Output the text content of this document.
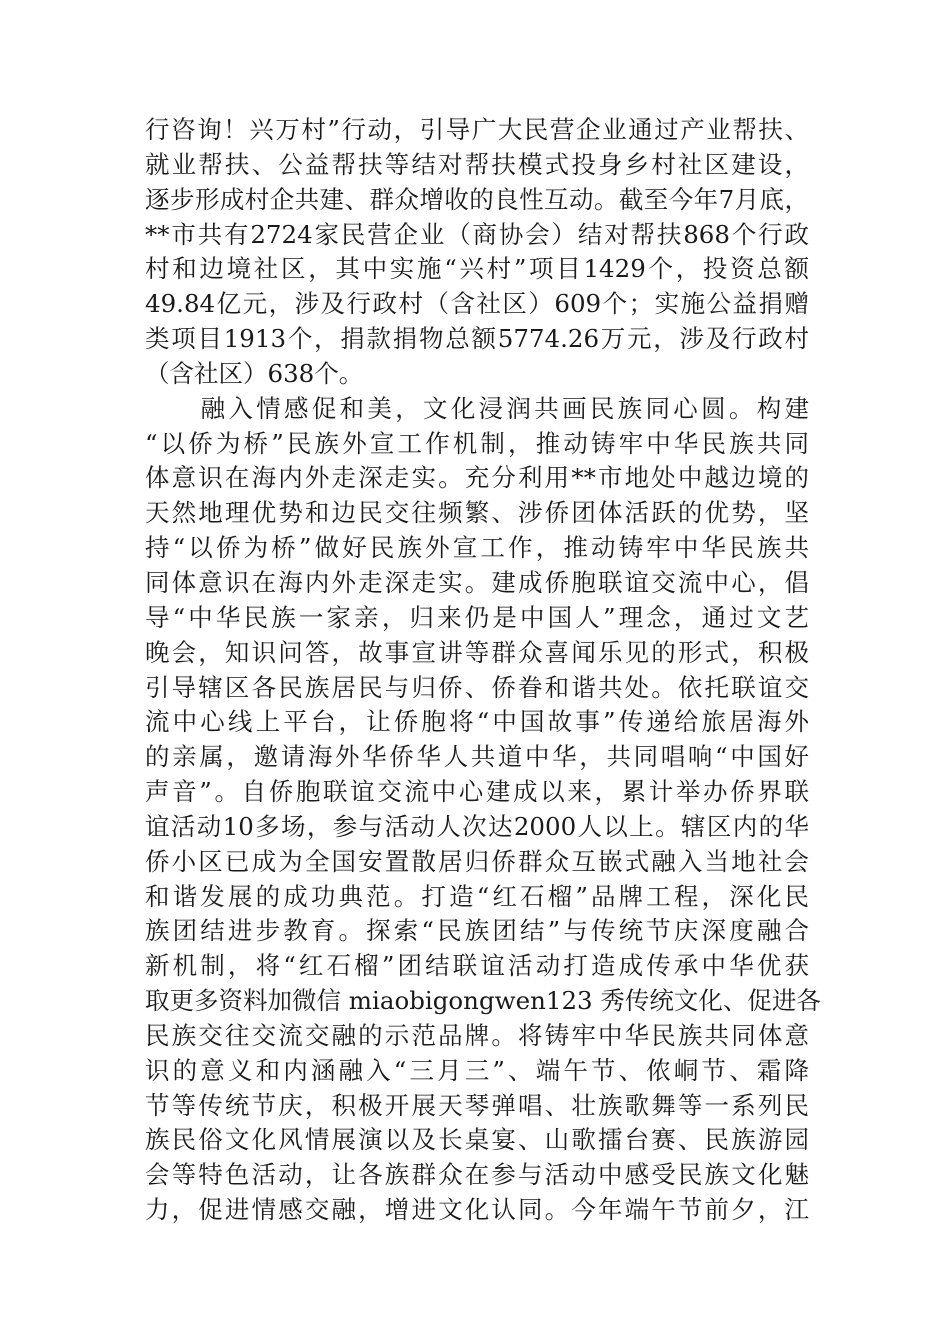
行咨询！兴万村”行动，引导广大民营企业通过产业帮扶、
就业帮扶、公益帮扶等结对帮扶模式投身乡村社区建设，
逐步形成村企共建、群众增收的良性互动。截至今年7月底，
**市共有2724家民营企业（商协会）结对帮扶868个行政
村和边境社区，其中实施“兴村”项目1429个，投资总额
49.84亿元，涉及行政村（含社区）609个；实施公益捐赠
类项目1913个，捐款捐物总额5774.26万元，涉及行政村
（含社区）638个。
　　融入情感促和美，文化浸润共画民族同心圆。构建
“以侨为桥”民族外宣工作机制，推动铸牢中华民族共同
体意识在海内外走深走实。充分利用**市地处中越边境的
天然地理优势和边民交往频繁、涉侨团体活跃的优势，坚
持“以侨为桥”做好民族外宣工作，推动铸牢中华民族共
同体意识在海内外走深走实。建成侨胞联谊交流中心，倡
导“中华民族一家亲，归来仍是中国人”理念，通过文艺
晚会，知识问答，故事宣讲等群众喜闻乐见的形式，积极
引导辖区各民族居民与归侨、侨眷和谐共处。依托联谊交
流中心线上平台，让侨胞将“中国故事”传递给旅居海外
的亲属，邀请海外华侨华人共道中华，共同唱响“中国好
声音”。自侨胞联谊交流中心建成以来，累计举办侨界联
谊活动10多场，参与活动人次达2000人以上。辖区内的华
侨小区已成为全国安置散居归侨群众互嵌式融入当地社会
和谐发展的成功典范。打造“红石榴”品牌工程，深化民
族团结进步教育。探索“民族团结”与传统节庆深度融合
新机制，将“红石榴”团结联谊活动打造成传承中华优获
取更多资料加微信 miaobigongwen123 秀传统文化、促进各
民族交往交流交融的示范品牌。将铸牢中华民族共同体意
识的意义和内涵融入“三月三”、端午节、侬峒节、霜降
节等传统节庆，积极开展天琴弹唱、壮族歌舞等一系列民
族民俗文化风情展演以及长桌宴、山歌擂台赛、民族游园
会等特色活动，让各族群众在参与活动中感受民族文化魅
力，促进情感交融，增进文化认同。今年端午节前夕，江
